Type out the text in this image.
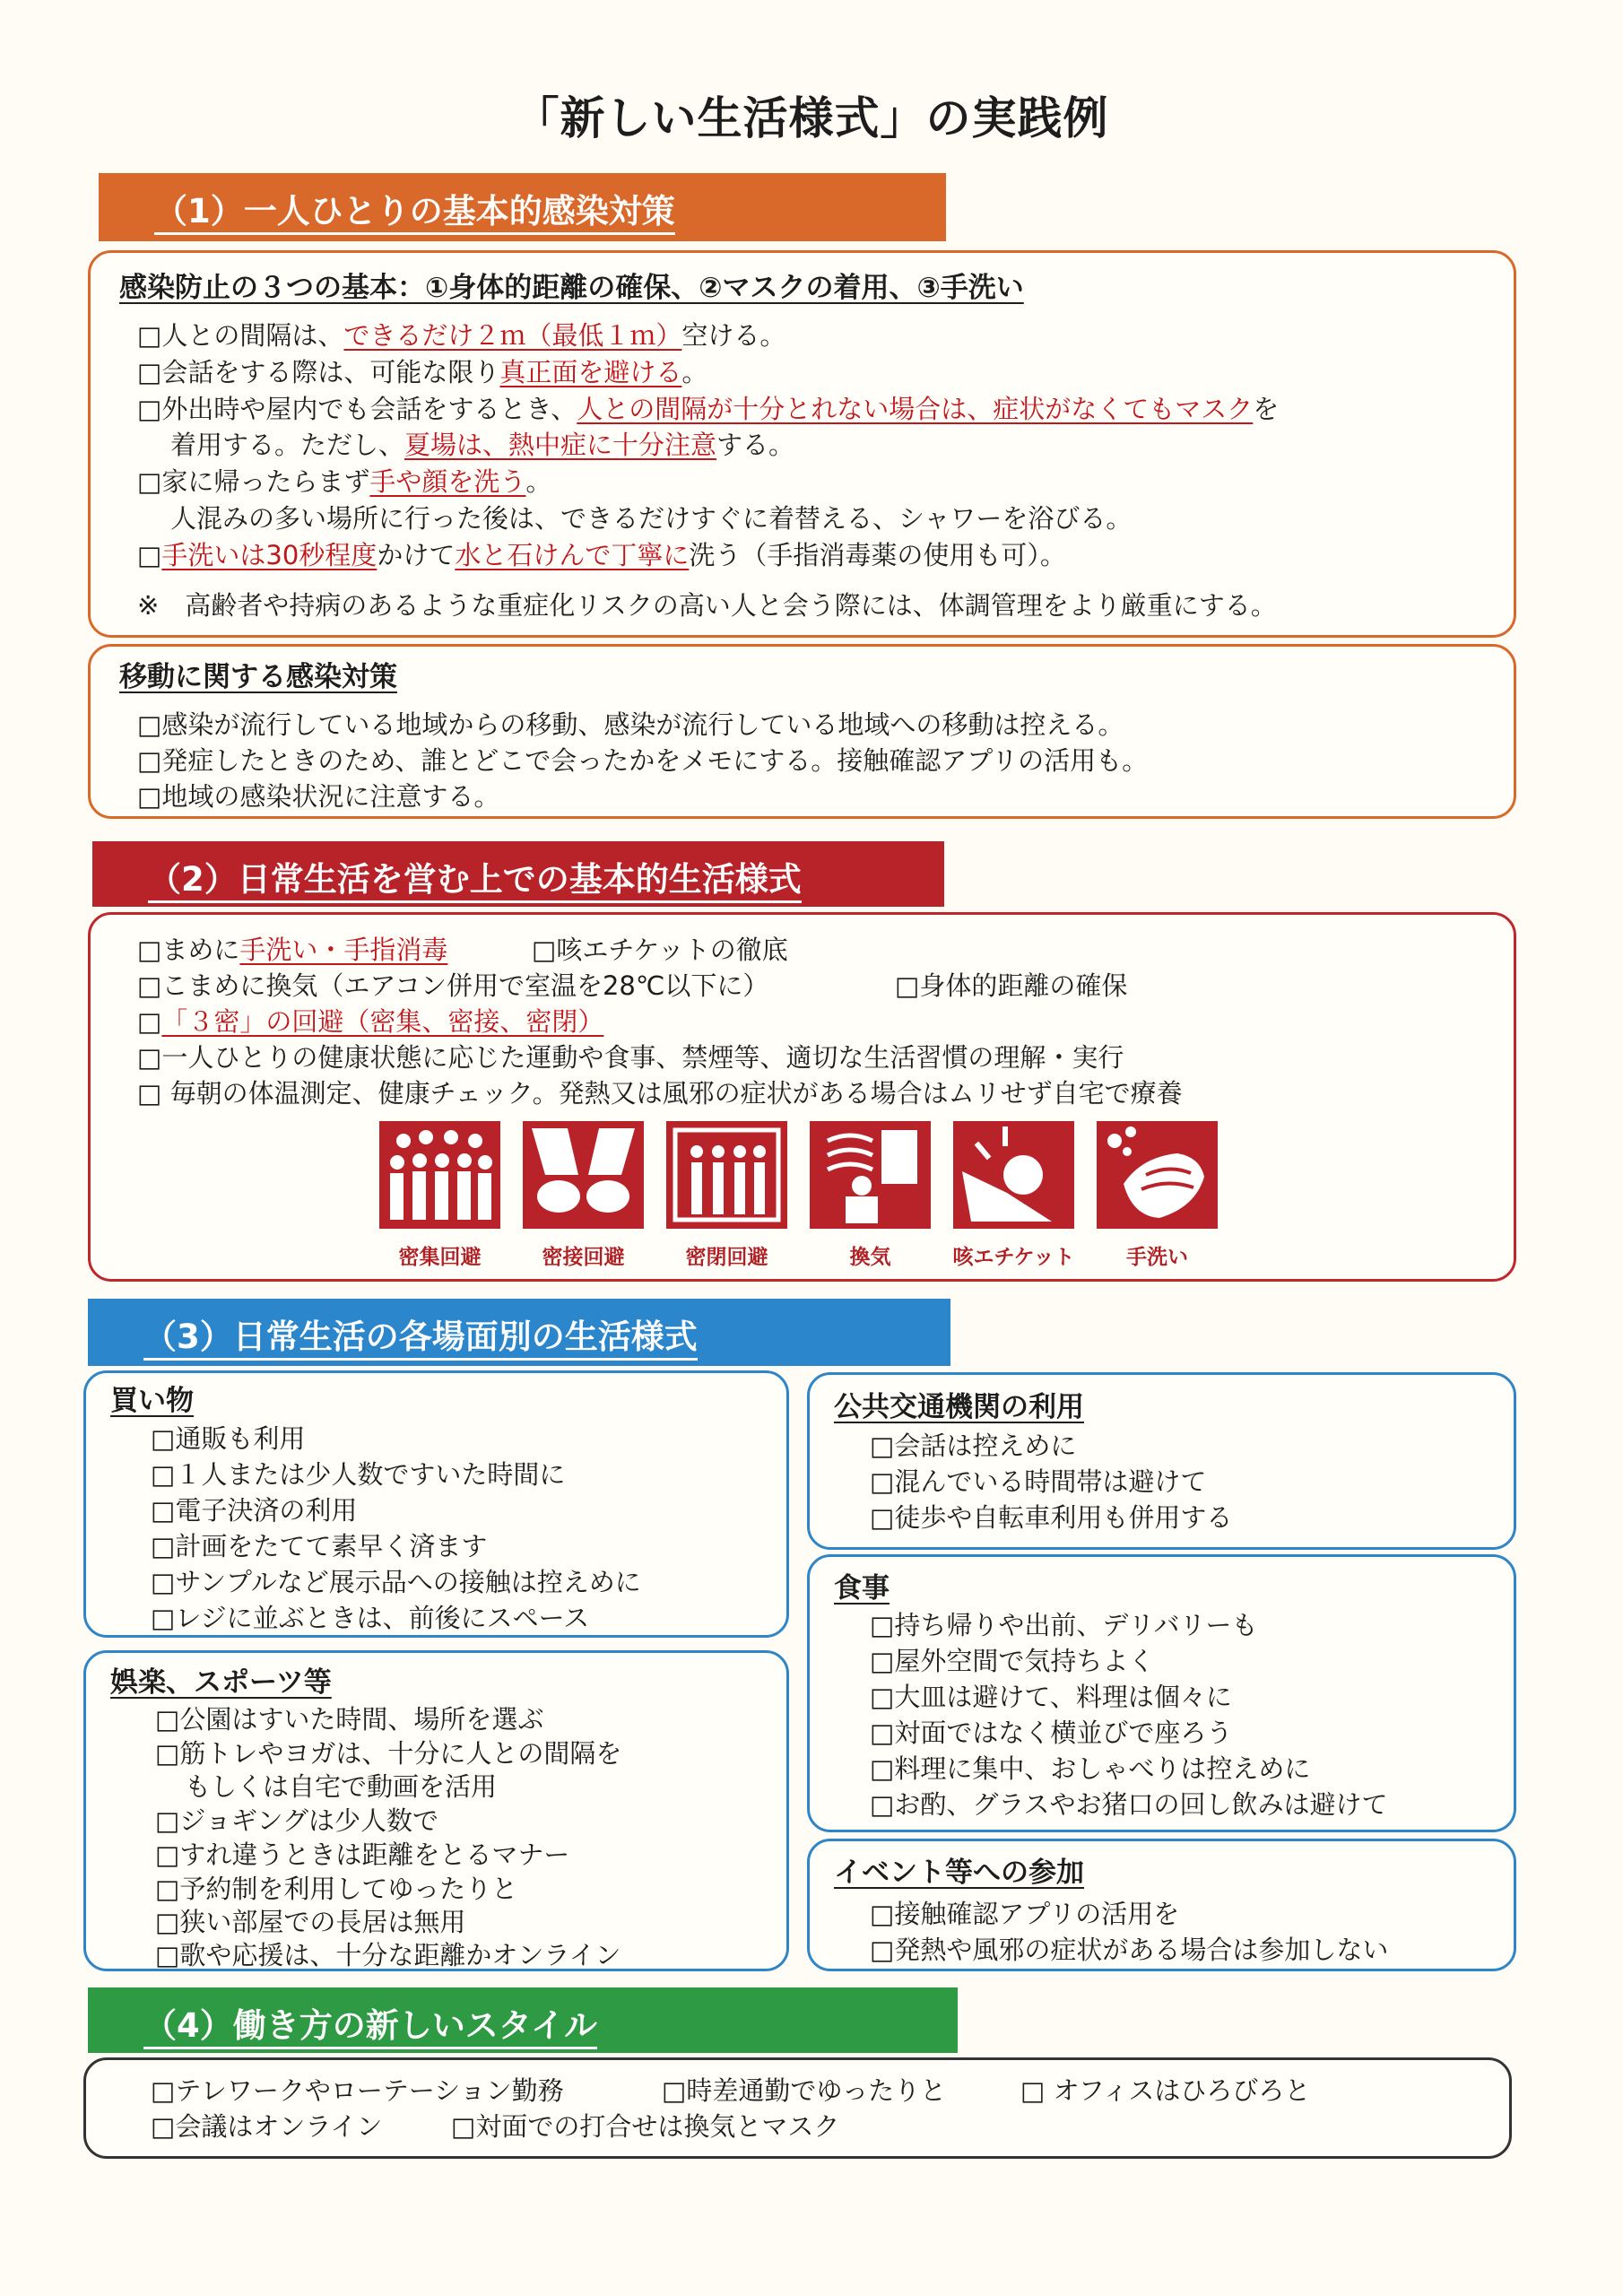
「新しい生活様式」の実践例
（1）一人ひとりの基本的感染対策
感染防止の３つの基本：①身体的距離の確保、②マスクの着用、③手洗い
□人との間隔は、できるだけ２ｍ（最低１ｍ）空ける。
□会話をする際は、可能な限り真正面を避ける。
□外出時や屋内でも会話をするとき、人との間隔が十分とれない場合は、症状がなくてもマスクを
着用する。ただし、夏場は、熱中症に十分注意する。
□家に帰ったらまず手や顔を洗う。
人混みの多い場所に行った後は、できるだけすぐに着替える、シャワーを浴びる。
□手洗いは30秒程度かけて水と石けんで丁寧に洗う（手指消毒薬の使用も可）。
※　高齢者や持病のあるような重症化リスクの高い人と会う際には、体調管理をより厳重にする。
移動に関する感染対策
□感染が流行している地域からの移動、感染が流行している地域への移動は控える。
□発症したときのため、誰とどこで会ったかをメモにする。接触確認アプリの活用も。
□地域の感染状況に注意する。
（2）日常生活を営む上での基本的生活様式
□まめに手洗い・手指消毒	□咳エチケットの徹底
□こまめに換気（エアコン併用で室温を28℃以下に）	□身体的距離の確保
□「３密」の回避（密集、密接、密閉）
□一人ひとりの健康状態に応じた運動や食事、禁煙等、適切な生活習慣の理解・実行
□ 毎朝の体温測定、健康チェック。発熱又は風邪の症状がある場合はムリせず自宅で療養
密集回避	密接回避	密閉回避	換気	咳エチケット	手洗い
（3）日常生活の各場面別の生活様式
買い物
□通販も利用
□１人または少人数ですいた時間に
□電子決済の利用
□計画をたてて素早く済ます
□サンプルなど展示品への接触は控えめに
□レジに並ぶときは、前後にスペース
娯楽、スポーツ等
□公園はすいた時間、場所を選ぶ
□筋トレやヨガは、十分に人との間隔を
もしくは自宅で動画を活用
□ジョギングは少人数で
□すれ違うときは距離をとるマナー
□予約制を利用してゆったりと
□狭い部屋での長居は無用
□歌や応援は、十分な距離かオンライン
公共交通機関の利用
□会話は控えめに
□混んでいる時間帯は避けて
□徒歩や自転車利用も併用する
食事
□持ち帰りや出前、デリバリーも
□屋外空間で気持ちよく
□大皿は避けて、料理は個々に
□対面ではなく横並びで座ろう
□料理に集中、おしゃべりは控えめに
□お酌、グラスやお猪口の回し飲みは避けて
イベント等への参加
□接触確認アプリの活用を
□発熱や風邪の症状がある場合は参加しない
（4）働き方の新しいスタイル
□テレワークやローテーション勤務	□時差通勤でゆったりと	□ オフィスはひろびろと
□会議はオンライン	□対面での打合せは換気とマスク
